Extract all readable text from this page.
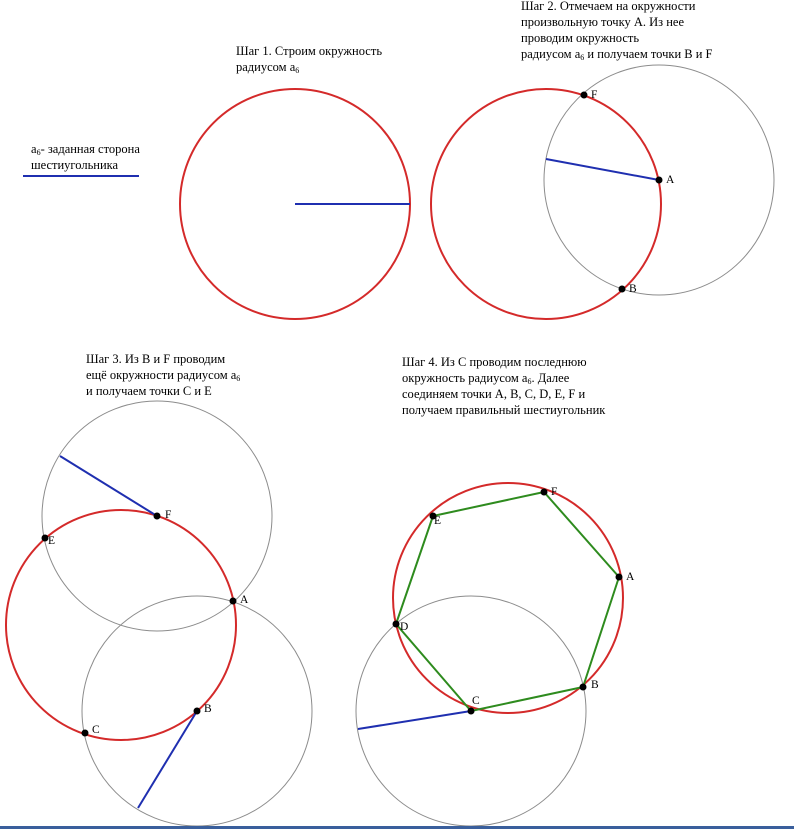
F
A
B
F
E
A
B
C
F
E
A
D
B
C
$a_6-$ заданная сторона
шестиугольника
Шаг 1. Строим окружность
радиусом $a_6$
Шаг 2. Отмечаем на окружности
произвольную точку А. Из нее
проводим окружность
радиусом $a_6$ и получаем точки В и F
Шаг 3. Из В и F проводим
ещё окружности радиусом $a_6$
и получаем точки С и Е
Шаг 4. Из С проводим последнюю
окружность радиусом $a_6$. Далее
соединяем точки А, B, C, D, E, F и
получаем правильный шестиугольник
